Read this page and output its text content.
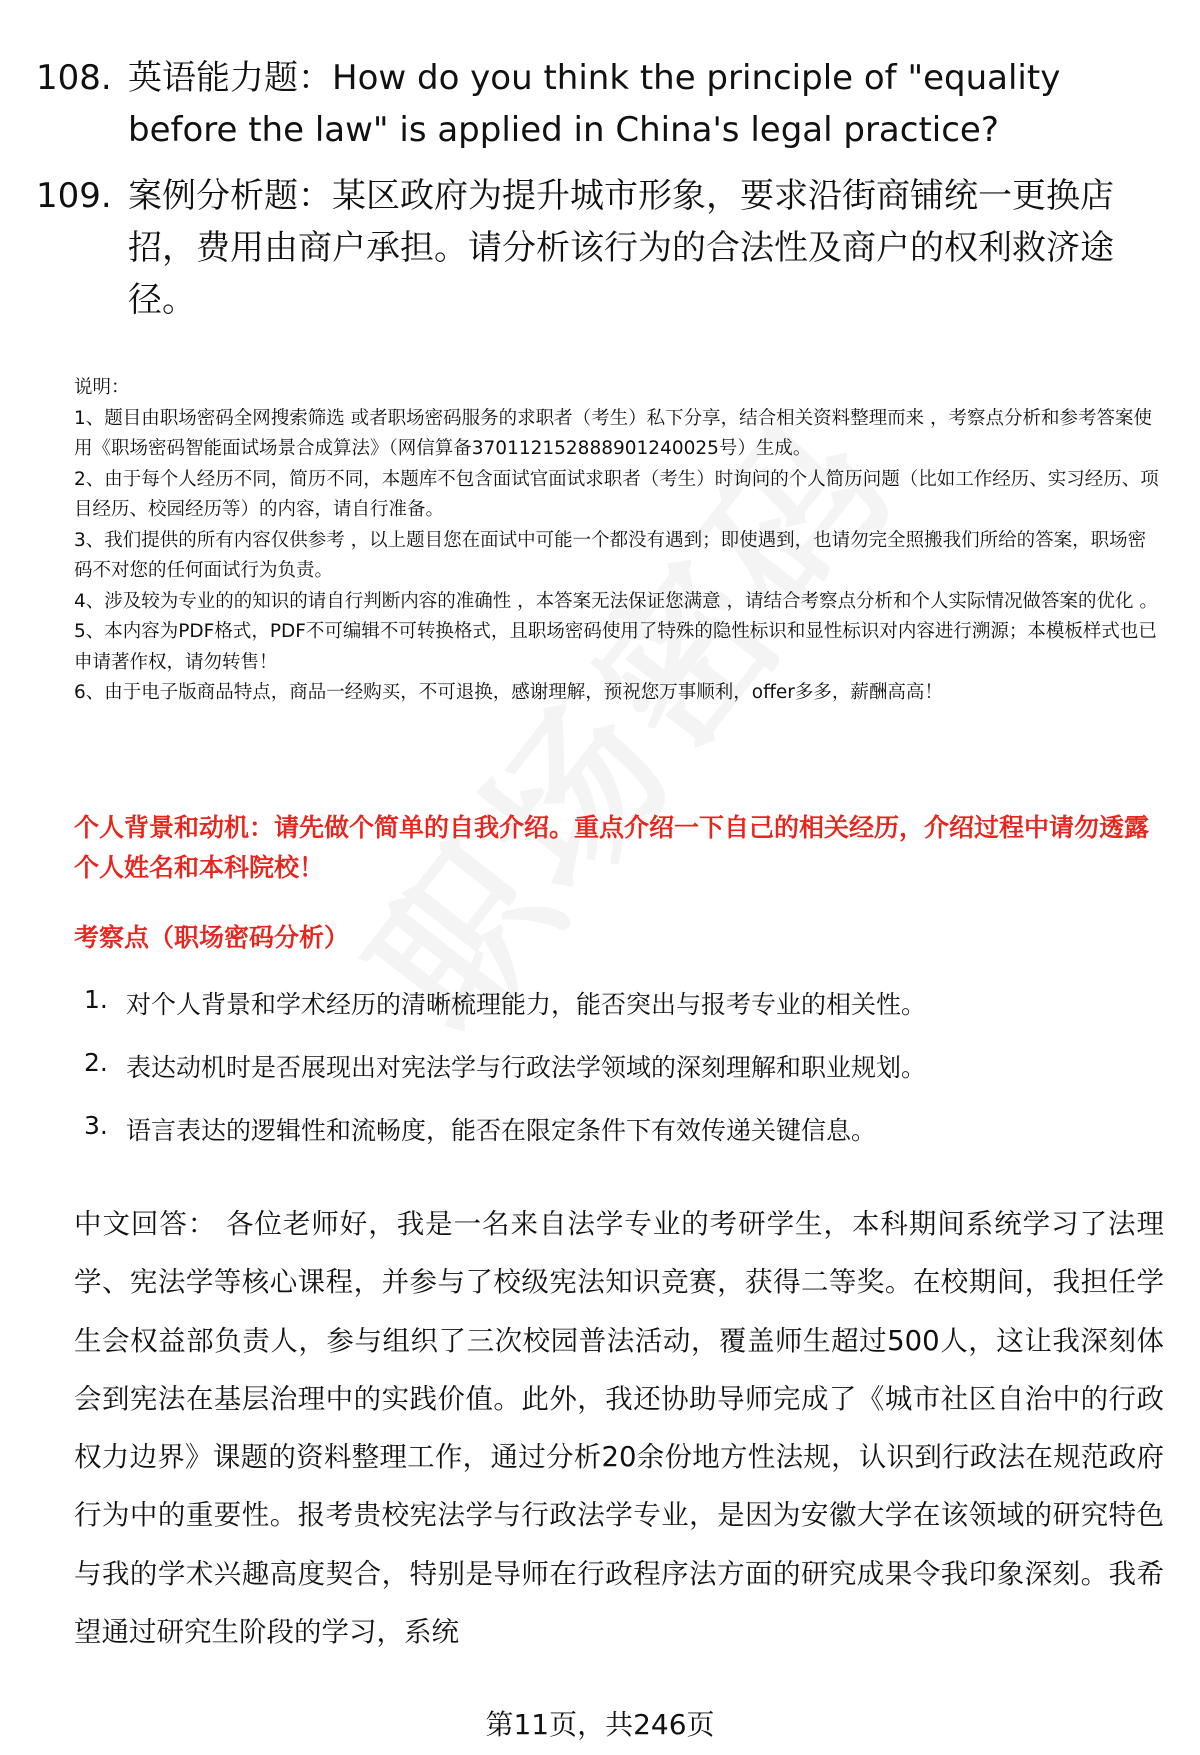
108. 英语能力题：How do you think the principle of "equality before the law" is applied in China's legal practice?
109. 案例分析题：某区政府为提升城市形象，要求沿街商铺统一更换店招，费用由商户承担。请分析该行为的合法性及商户的权利救济途径。
说明：
1、题目由职场密码全网搜索筛选 或者职场密码服务的求职者（考生）私下分享，结合相关资料整理而来 ，考察点分析和参考答案使用《职场密码智能面试场景合成算法》（网信算备370112152888901240025号）生成。
2、由于每个人经历不同，简历不同，本题库不包含面试官面试求职者（考生）时询问的个人简历问题（比如工作经历、实习经历、项目经历、校园经历等）的内容，请自行准备。
3、我们提供的所有内容仅供参考 ，以上题目您在面试中可能一个都没有遇到；即使遇到，也请勿完全照搬我们所给的答案，职场密码不对您的任何面试行为负责。
4、涉及较为专业的的知识的请自行判断内容的准确性 ，本答案无法保证您满意 ，请结合考察点分析和个人实际情况做答案的优化 。
5、本内容为PDF格式，PDF不可编辑不可转换格式，且职场密码使用了特殊的隐性标识和显性标识对内容进行溯源；本模板样式也已申请著作权，请勿转售！
6、由于电子版商品特点，商品一经购买，不可退换，感谢理解，预祝您万事顺利，offer多多，薪酬高高！
个人背景和动机：请先做个简单的自我介绍。重点介绍一下自己的相关经历，介绍过程中请勿透露个人姓名和本科院校！
考察点（职场密码分析）
1. 对个人背景和学术经历的清晰梳理能力，能否突出与报考专业的相关性。
2. 表达动机时是否展现出对宪法学与行政法学领域的深刻理解和职业规划。
3. 语言表达的逻辑性和流畅度，能否在限定条件下有效传递关键信息。
中文回答： 各位老师好，我是一名来自法学专业的考研学生，本科期间系统学习了法理学、宪法学等核心课程，并参与了校级宪法知识竞赛，获得二等奖。在校期间，我担任学生会权益部负责人，参与组织了三次校园普法活动，覆盖师生超过500人，这让我深刻体会到宪法在基层治理中的实践价值。此外，我还协助导师完成了《城市社区自治中的行政权力边界》课题的资料整理工作，通过分析20余份地方性法规，认识到行政法在规范政府行为中的重要性。报考贵校宪法学与行政法学专业，是因为安徽大学在该领域的研究特色与我的学术兴趣高度契合，特别是导师在行政程序法方面的研究成果令我印象深刻。我希望通过研究生阶段的学习，系统
第11页，共246页
